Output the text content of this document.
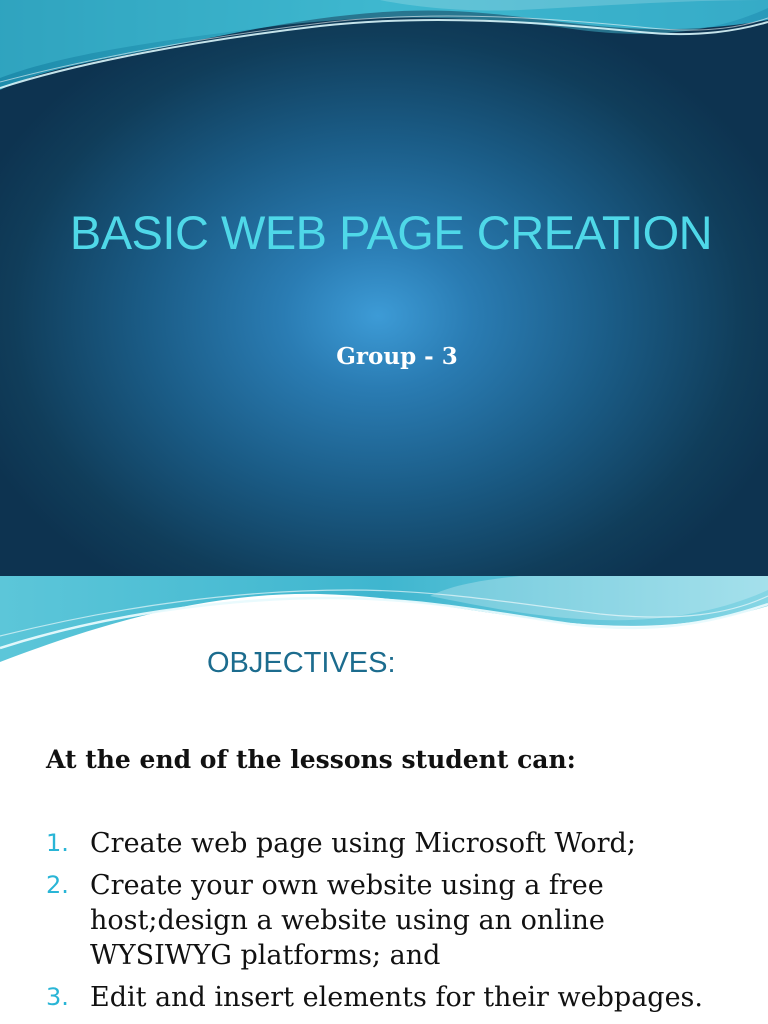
BASIC WEB PAGE CREATION
Group - 3
OBJECTIVES:
At the end of the lessons student can:
1. Create web page using Microsoft Word;
2. Create your own website using a free host;design a website using an online WYSIWYG platforms; and
3. Edit and insert elements for their webpages.
